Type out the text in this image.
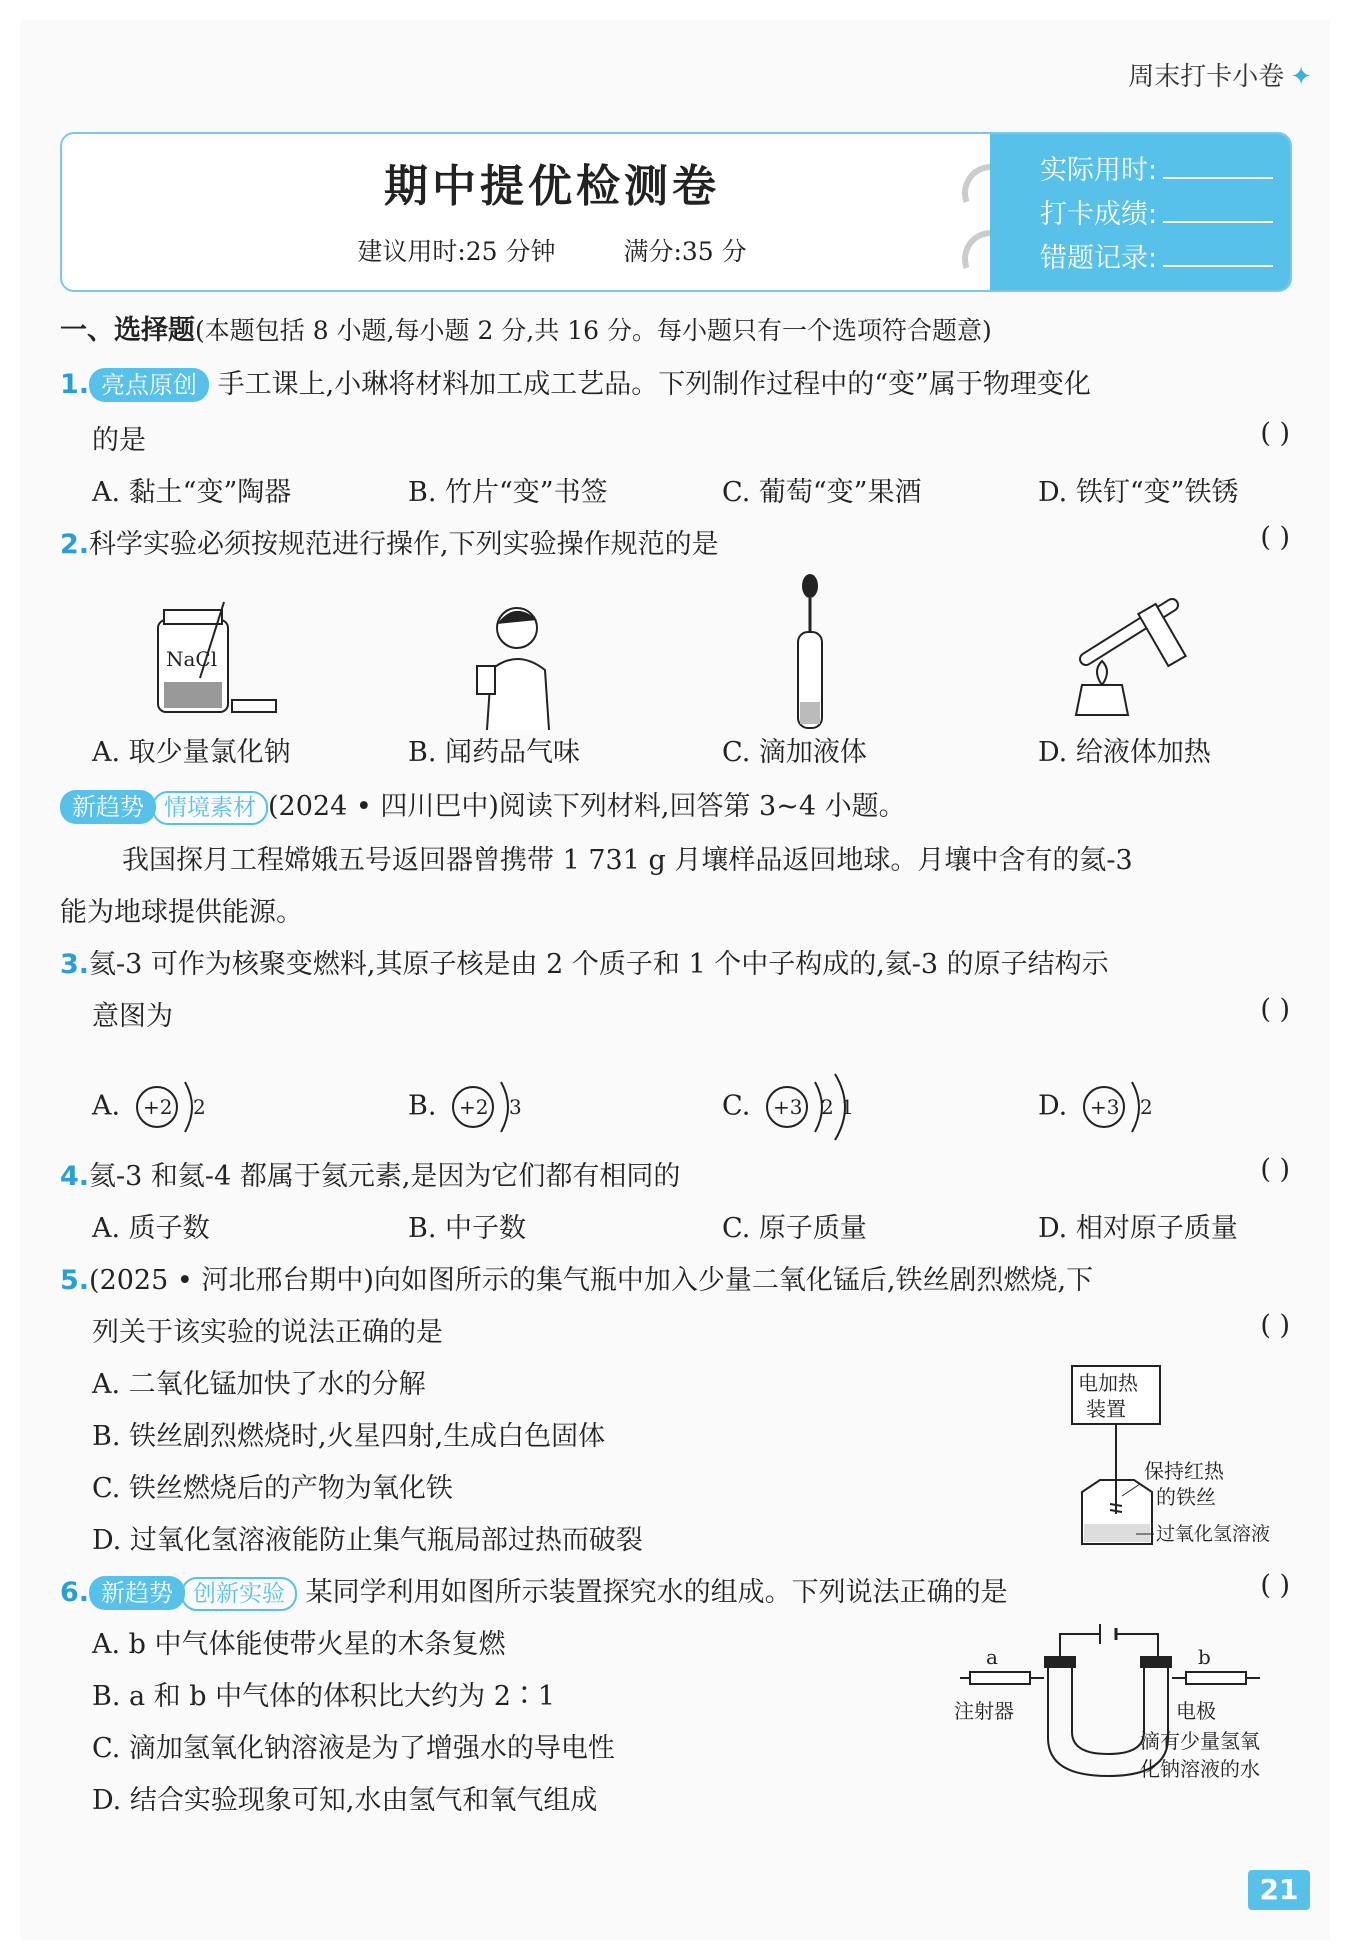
周末打卡小卷 ✦
期中提优检测卷
建议用时:25 分钟	满分:35 分
实际用时:
打卡成绩:
错题记录:
一、选择题(本题包括 8 小题,每小题 2 分,共 16 分。每小题只有一个选项符合题意)
1. 亮点原创 手工课上,小琳将材料加工成工艺品。下列制作过程中的“变”属于物理变化
的是	( )
A. 黏土“变”陶器	B. 竹片“变”书签	C. 葡萄“变”果酒	D. 铁钉“变”铁锈
2.科学实验必须按规范进行操作,下列实验操作规范的是	( )
NaCl
A. 取少量氯化钠	B. 闻药品气味	C. 滴加液体	D. 给液体加热
新趋势 情境素材 (2024 • 四川巴中)阅读下列材料,回答第 3~4 小题。
我国探月工程嫦娥五号返回器曾携带 1 731 g 月壤样品返回地球。月壤中含有的氦-3
能为地球提供能源。
3.氦-3 可作为核聚变燃料,其原子核是由 2 个质子和 1 个中子构成的,氦-3 的原子结构示
意图为	( )
A. +2 2	B. +2 3	C. +3 2 1	D. +3 2
4.氦-3 和氦-4 都属于氦元素,是因为它们都有相同的	( )
A. 质子数	B. 中子数	C. 原子质量	D. 相对原子质量
5.(2025 • 河北邢台期中)向如图所示的集气瓶中加入少量二氧化锰后,铁丝剧烈燃烧,下
列关于该实验的说法正确的是	( )
A. 二氧化锰加快了水的分解
B. 铁丝剧烈燃烧时,火星四射,生成白色固体
C. 铁丝燃烧后的产物为氧化铁
D. 过氧化氢溶液能防止集气瓶局部过热而破裂
电加热
装置
保持红热
的铁丝
过氧化氢溶液
6. 新趋势 创新实验 某同学利用如图所示装置探究水的组成。下列说法正确的是	( )
A. b 中气体能使带火星的木条复燃
B. a 和 b 中气体的体积比大约为 2∶1
C. 滴加氢氧化钠溶液是为了增强水的导电性
D. 结合实验现象可知,水由氢气和氧气组成
a	b
注射器	电极
滴有少量氢氧
化钠溶液的水
21
